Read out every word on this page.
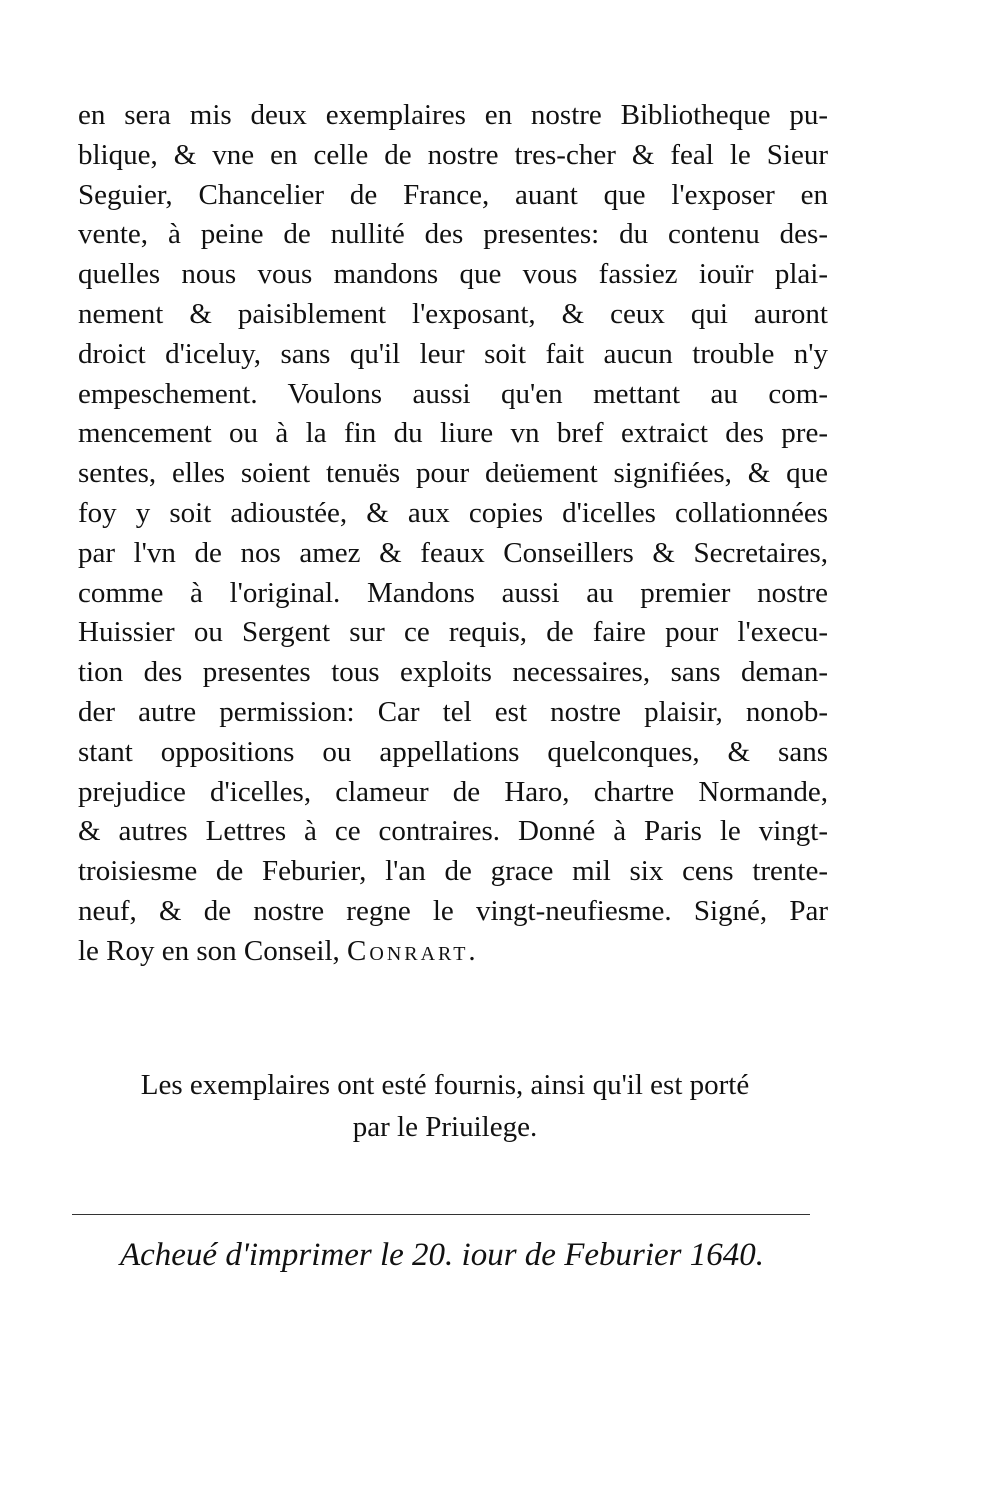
en sera mis deux exemplaires en nostre Bibliotheque pu-
blique, & vne en celle de nostre tres-cher & feal le Sieur
Seguier, Chancelier de France, auant que l'exposer en
vente, à peine de nullité des presentes: du contenu des-
quelles nous vous mandons que vous fassiez iouïr plai-
nement & paisiblement l'exposant, & ceux qui auront
droict d'iceluy, sans qu'il leur soit fait aucun trouble n'y
empeschement. Voulons aussi qu'en mettant au com-
mencement ou à la fin du liure vn bref extraict des pre-
sentes, elles soient tenuës pour deüement signifiées, & que
foy y soit adioustée, & aux copies d'icelles collationnées
par l'vn de nos amez & feaux Conseillers & Secretaires,
comme à l'original. Mandons aussi au premier nostre
Huissier ou Sergent sur ce requis, de faire pour l'execu-
tion des presentes tous exploits necessaires, sans deman-
der autre permission: Car tel est nostre plaisir, nonob-
stant oppositions ou appellations quelconques, & sans
prejudice d'icelles, clameur de Haro, chartre Normande,
& autres Lettres à ce contraires. Donné à Paris le vingt-
troisiesme de Feburier, l'an de grace mil six cens trente-
neuf, & de nostre regne le vingt-neufiesme. Signé, Par
le Roy en son Conseil, Conrart.
Les exemplaires ont esté fournis, ainsi qu'il est porté
par le Priuilege.
Acheué d'imprimer le 20. iour de Feburier 1640.
